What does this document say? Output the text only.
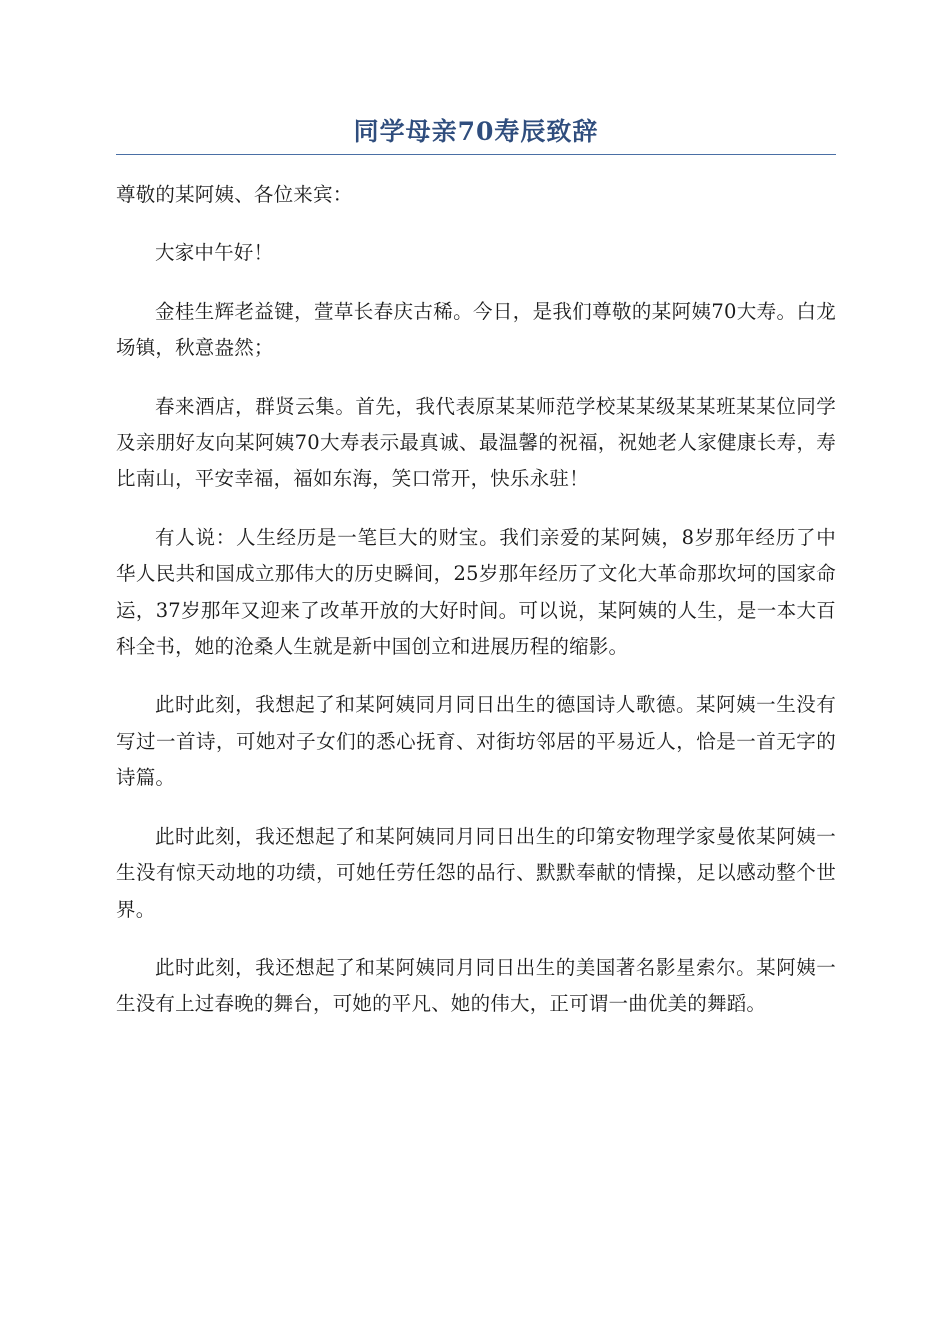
同学母亲70寿辰致辞

尊敬的某阿姨、各位来宾：

大家中午好！

金桂生辉老益键，萱草长春庆古稀。今日，是我们尊敬的某阿姨70大寿。白龙场镇，秋意盎然；

春来酒店，群贤云集。首先，我代表原某某师范学校某某级某某班某某位同学及亲朋好友向某阿姨70大寿表示最真诚、最温馨的祝福，祝她老人家健康长寿，寿比南山，平安幸福，福如东海，笑口常开，快乐永驻！

有人说：人生经历是一笔巨大的财宝。我们亲爱的某阿姨，8岁那年经历了中华人民共和国成立那伟大的历史瞬间，25岁那年经历了文化大革命那坎坷的国家命运，37岁那年又迎来了改革开放的大好时间。可以说，某阿姨的人生，是一本大百科全书，她的沧桑人生就是新中国创立和进展历程的缩影。

此时此刻，我想起了和某阿姨同月同日出生的德国诗人歌德。某阿姨一生没有写过一首诗，可她对子女们的悉心抚育、对街坊邻居的平易近人，恰是一首无字的诗篇。

此时此刻，我还想起了和某阿姨同月同日出生的印第安物理学家曼侬某阿姨一生没有惊天动地的功绩，可她任劳任怨的品行、默默奉献的情操，足以感动整个世界。

此时此刻，我还想起了和某阿姨同月同日出生的美国著名影星索尔。某阿姨一生没有上过春晚的舞台，可她的平凡、她的伟大，正可谓一曲优美的舞蹈。
